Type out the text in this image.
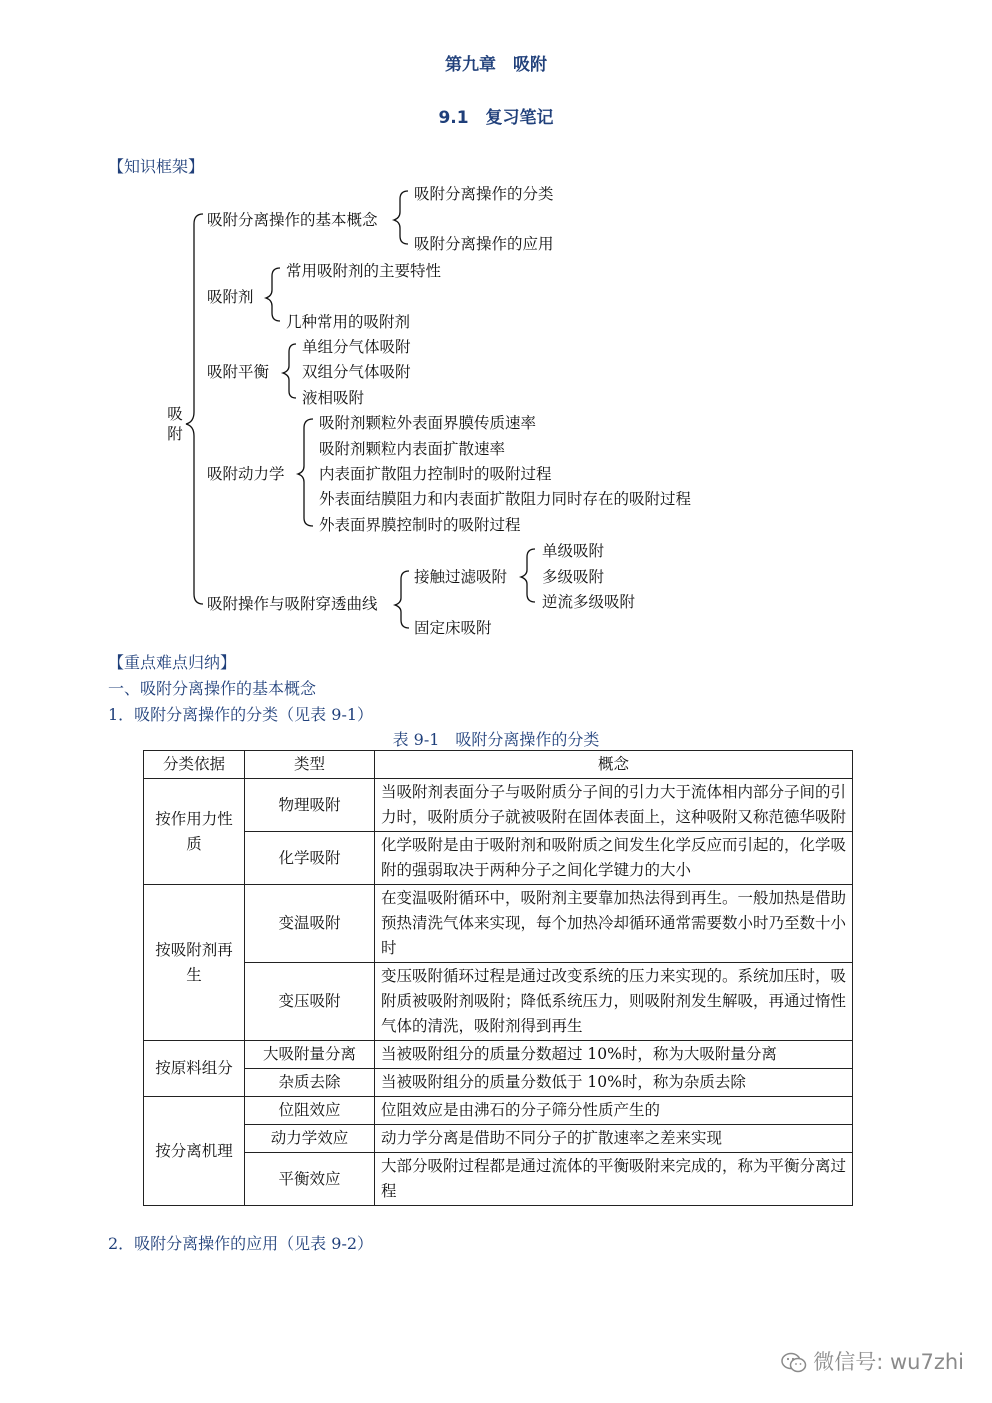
第九章　吸附
9.1　复习笔记
【知识框架】
吸附
吸附分离操作的基本概念
吸附剂
吸附平衡
吸附动力学
吸附操作与吸附穿透曲线
吸附分离操作的分类
吸附分离操作的应用
常用吸附剂的主要特性
几种常用的吸附剂
单组分气体吸附
双组分气体吸附
液相吸附
吸附剂颗粒外表面界膜传质速率
吸附剂颗粒内表面扩散速率
内表面扩散阻力控制时的吸附过程
外表面结膜阻力和内表面扩散阻力同时存在的吸附过程
外表面界膜控制时的吸附过程
接触过滤吸附
固定床吸附
单级吸附
多级吸附
逆流多级吸附
【重点难点归纳】
一、吸附分离操作的基本概念
1．吸附分离操作的分类（见表 9-1）
表 9-1　吸附分离操作的分类
分类依据	类型	概念
按作用力性质	物理吸附	当吸附剂表面分子与吸附质分子间的引力大于流体相内部分子间的引力时，吸附质分子就被吸附在固体表面上，这种吸附又称范德华吸附
	化学吸附	化学吸附是由于吸附剂和吸附质之间发生化学反应而引起的，化学吸附的强弱取决于两种分子之间化学键力的大小
按吸附剂再生	变温吸附	在变温吸附循环中，吸附剂主要靠加热法得到再生。一般加热是借助预热清洗气体来实现，每个加热冷却循环通常需要数小时乃至数十小时
	变压吸附	变压吸附循环过程是通过改变系统的压力来实现的。系统加压时，吸附质被吸附剂吸附；降低系统压力，则吸附剂发生解吸，再通过惰性气体的清洗，吸附剂得到再生
按原料组分	大吸附量分离	当被吸附组分的质量分数超过 10%时，称为大吸附量分离
	杂质去除	当被吸附组分的质量分数低于 10%时，称为杂质去除
按分离机理	位阻效应	位阻效应是由沸石的分子筛分性质产生的
	动力学效应	动力学分离是借助不同分子的扩散速率之差来实现
	平衡效应	大部分吸附过程都是通过流体的平衡吸附来完成的，称为平衡分离过程
2．吸附分离操作的应用（见表 9-2）
微信号: wu7zhi
